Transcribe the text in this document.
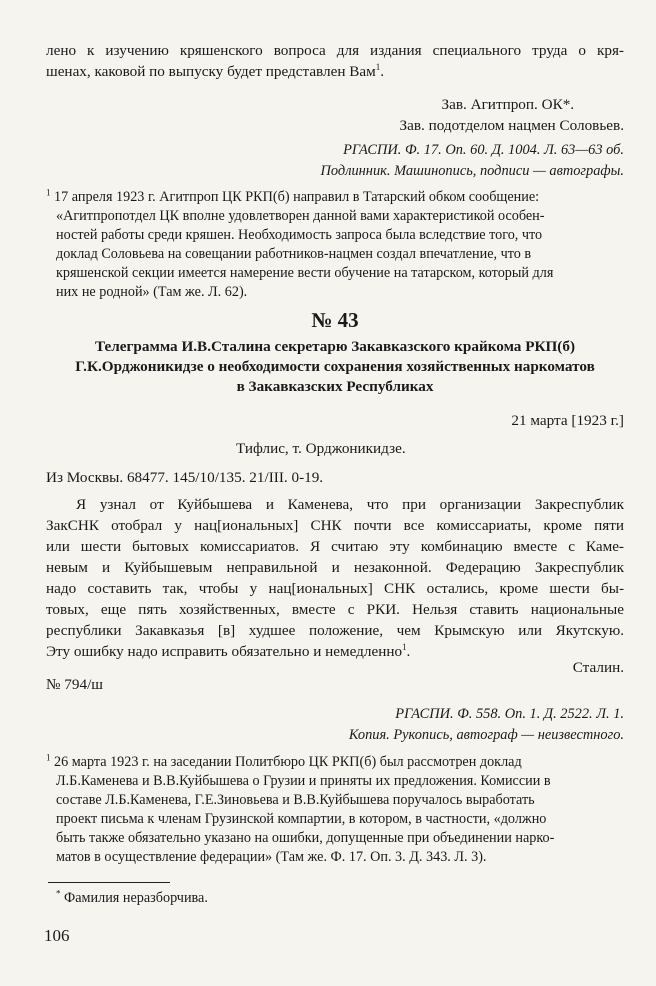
лено к изучению кряшенского вопроса для издания специального труда о кря-

шенах, каковой по выпуску будет представлен Вам$^1$.

Зав. Агитпроп. ОК*.

Зав. подотделом нацмен Соловьев.

РГАСПИ. Ф. 17. Оп. 60. Д. 1004. Л. 63—63 об.

Подлинник. Машинопись, подписи — автографы.

$^1$ 17 апреля 1923 г. Агитпроп ЦК РКП(б) направил в Татарский обком сообщение:

«Агитпропотдел ЦК вполне удовлетворен данной вами характеристикой особен-

ностей работы среди кряшен. Необходимость запроса была вследствие того, что

доклад Соловьева на совещании работников-нацмен создал впечатление, что в

кряшенской секции имеется намерение вести обучение на татарском, который для

них не родной» (Там же. Л. 62).

№ 43

Телеграмма И.В.Сталина секретарю Закавказского крайкома РКП(б)

Г.К.Орджоникидзе о необходимости сохранения хозяйственных наркоматов

в Закавказских Республиках

21 марта [1923 г.]

Тифлис, т. Орджоникидзе.

Из Москвы. 68477. 145/10/135. 21/III. 0-19.

Я узнал от Куйбышева и Каменева, что при организации Закреспублик

ЗакСНК отобрал у нац[иональных] СНК почти все комиссариаты, кроме пяти

или шести бытовых комиссариатов. Я считаю эту комбинацию вместе с Каме-

невым и Куйбышевым неправильной и незаконной. Федерацию Закреспублик

надо составить так, чтобы у нац[иональных] СНК остались, кроме шести бы-

товых, еще пять хозяйственных, вместе с РКИ. Нельзя ставить национальные

республики Закавказья [в] худшее положение, чем Крымскую или Якутскую.

Эту ошибку надо исправить обязательно и немедленно$^1$.

Сталин.

№ 794/ш

РГАСПИ. Ф. 558. Оп. 1. Д. 2522. Л. 1.

Копия. Рукопись, автограф — неизвестного.

$^1$ 26 марта 1923 г. на заседании Политбюро ЦК РКП(б) был рассмотрен доклад

Л.Б.Каменева и В.В.Куйбышева о Грузии и приняты их предложения. Комиссии в

составе Л.Б.Каменева, Г.Е.Зиновьева и В.В.Куйбышева поручалось выработать

проект письма к членам Грузинской компартии, в котором, в частности, «должно

быть также обязательно указано на ошибки, допущенные при объединении нарко-

матов в осуществление федерации» (Там же. Ф. 17. Оп. 3. Д. 343. Л. 3).

* Фамилия неразборчива.

106
